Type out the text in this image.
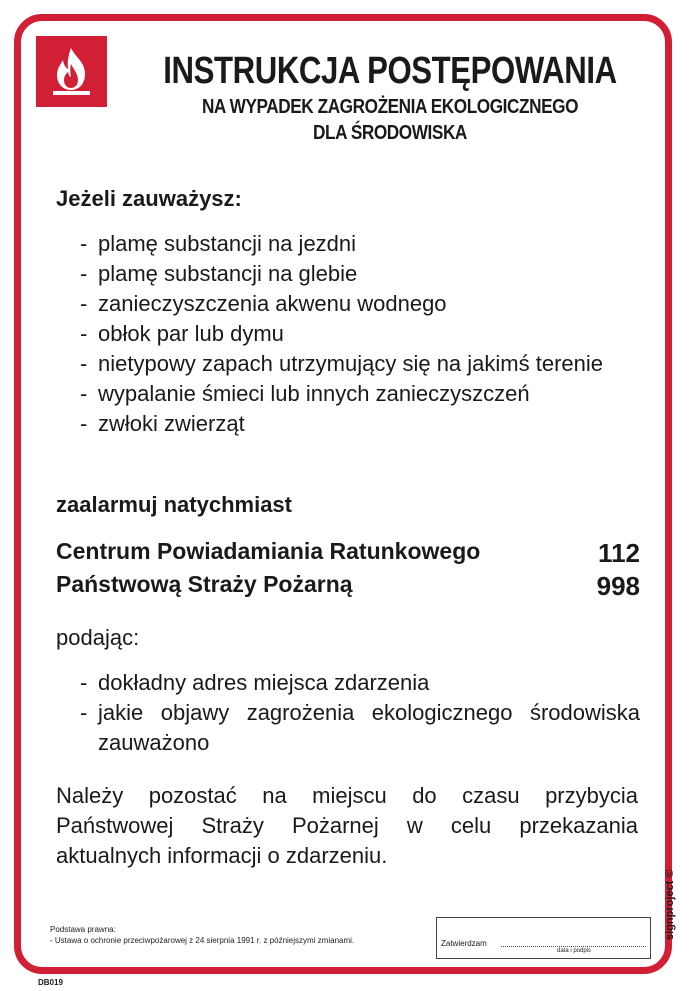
INSTRUKCJA POSTĘPOWANIA
NA WYPADEK ZAGROŻENIA EKOLOGICZNEGO
DLA ŚRODOWISKA
Jeżeli zauważysz:
- plamę substancji na jezdni
- plamę substancji na glebie
- zanieczyszczenia akwenu wodnego
- obłok par lub dymu
- nietypowy zapach utrzymujący się na jakimś terenie
- wypalanie śmieci lub innych zanieczyszczeń
- zwłoki zwierząt
zaalarmuj natychmiast
Centrum Powiadamiania Ratunkowego	112
Państwową Straży Pożarną	998
podając:
- dokładny adres miejsca zdarzenia
- jakie objawy zagrożenia ekologicznego środowiska zauważono
Należy pozostać na miejscu do czasu przybycia Państwowej Straży Pożarnej w celu przekazania aktualnych informacji o zdarzeniu.
Podstawa prawna:
- Ustawa o ochronie przeciwpożarowej z 24 sierpnia 1991 r. z późniejszymi zmianami.	Zatwierdzam
data i podpis
signproject ©
DB019
